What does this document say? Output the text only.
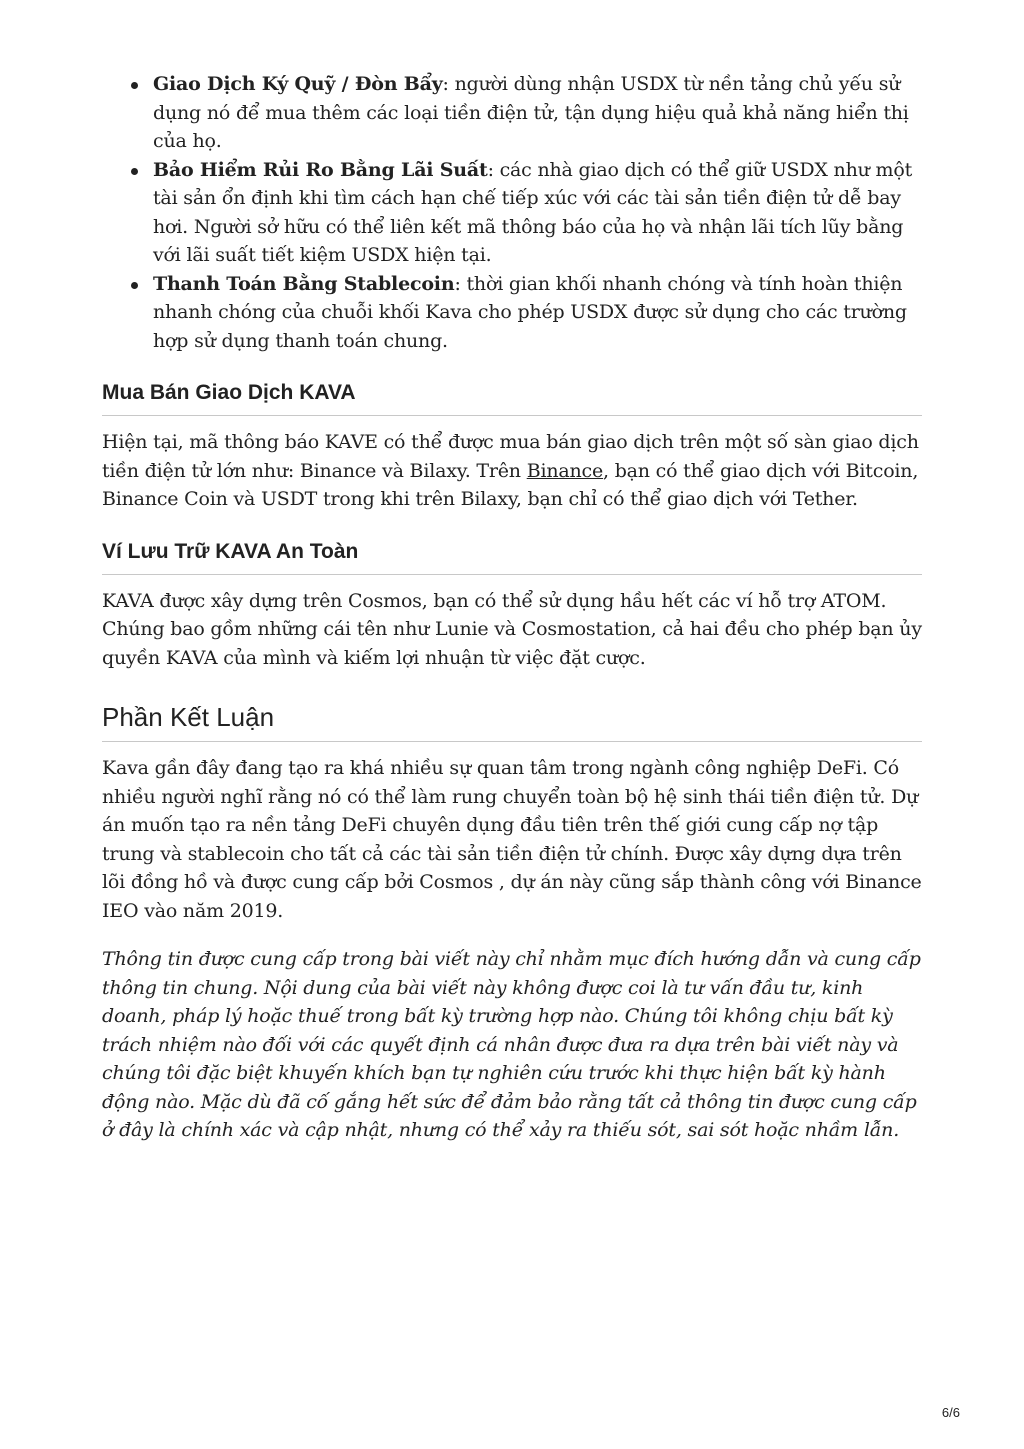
Giao Dịch Ký Quỹ / Đòn Bẩy: người dùng nhận USDX từ nền tảng chủ yếu sử dụng nó để mua thêm các loại tiền điện tử, tận dụng hiệu quả khả năng hiển thị của họ.
Bảo Hiểm Rủi Ro Bằng Lãi Suất: các nhà giao dịch có thể giữ USDX như một tài sản ổn định khi tìm cách hạn chế tiếp xúc với các tài sản tiền điện tử dễ bay hơi. Người sở hữu có thể liên kết mã thông báo của họ và nhận lãi tích lũy bằng với lãi suất tiết kiệm USDX hiện tại.
Thanh Toán Bằng Stablecoin: thời gian khối nhanh chóng và tính hoàn thiện nhanh chóng của chuỗi khối Kava cho phép USDX được sử dụng cho các trường hợp sử dụng thanh toán chung.
Mua Bán Giao Dịch KAVA

Hiện tại, mã thông báo KAVE có thể được mua bán giao dịch trên một số sàn giao dịch tiền điện tử lớn như: Binance và Bilaxy. Trên Binance, bạn có thể giao dịch với Bitcoin, Binance Coin và USDT trong khi trên Bilaxy, bạn chỉ có thể giao dịch với Tether.

Ví Lưu Trữ KAVA An Toàn

KAVA được xây dựng trên Cosmos, bạn có thể sử dụng hầu hết các ví hỗ trợ ATOM. Chúng bao gồm những cái tên như Lunie và Cosmostation, cả hai đều cho phép bạn ủy quyền KAVA của mình và kiếm lợi nhuận từ việc đặt cược.

Phần Kết Luận

Kava gần đây đang tạo ra khá nhiều sự quan tâm trong ngành công nghiệp DeFi. Có nhiều người nghĩ rằng nó có thể làm rung chuyển toàn bộ hệ sinh thái tiền điện tử. Dự án muốn tạo ra nền tảng DeFi chuyên dụng đầu tiên trên thế giới cung cấp nợ tập trung và stablecoin cho tất cả các tài sản tiền điện tử chính. Được xây dựng dựa trên lõi đồng hồ và được cung cấp bởi Cosmos , dự án này cũng sắp thành công với Binance IEO vào năm 2019.

Thông tin được cung cấp trong bài viết này chỉ nhằm mục đích hướng dẫn và cung cấp thông tin chung. Nội dung của bài viết này không được coi là tư vấn đầu tư, kinh doanh, pháp lý hoặc thuế trong bất kỳ trường hợp nào. Chúng tôi không chịu bất kỳ trách nhiệm nào đối với các quyết định cá nhân được đưa ra dựa trên bài viết này và chúng tôi đặc biệt khuyến khích bạn tự nghiên cứu trước khi thực hiện bất kỳ hành động nào. Mặc dù đã cố gắng hết sức để đảm bảo rằng tất cả thông tin được cung cấp ở đây là chính xác và cập nhật, nhưng có thể xảy ra thiếu sót, sai sót hoặc nhầm lẫn.

6/6
